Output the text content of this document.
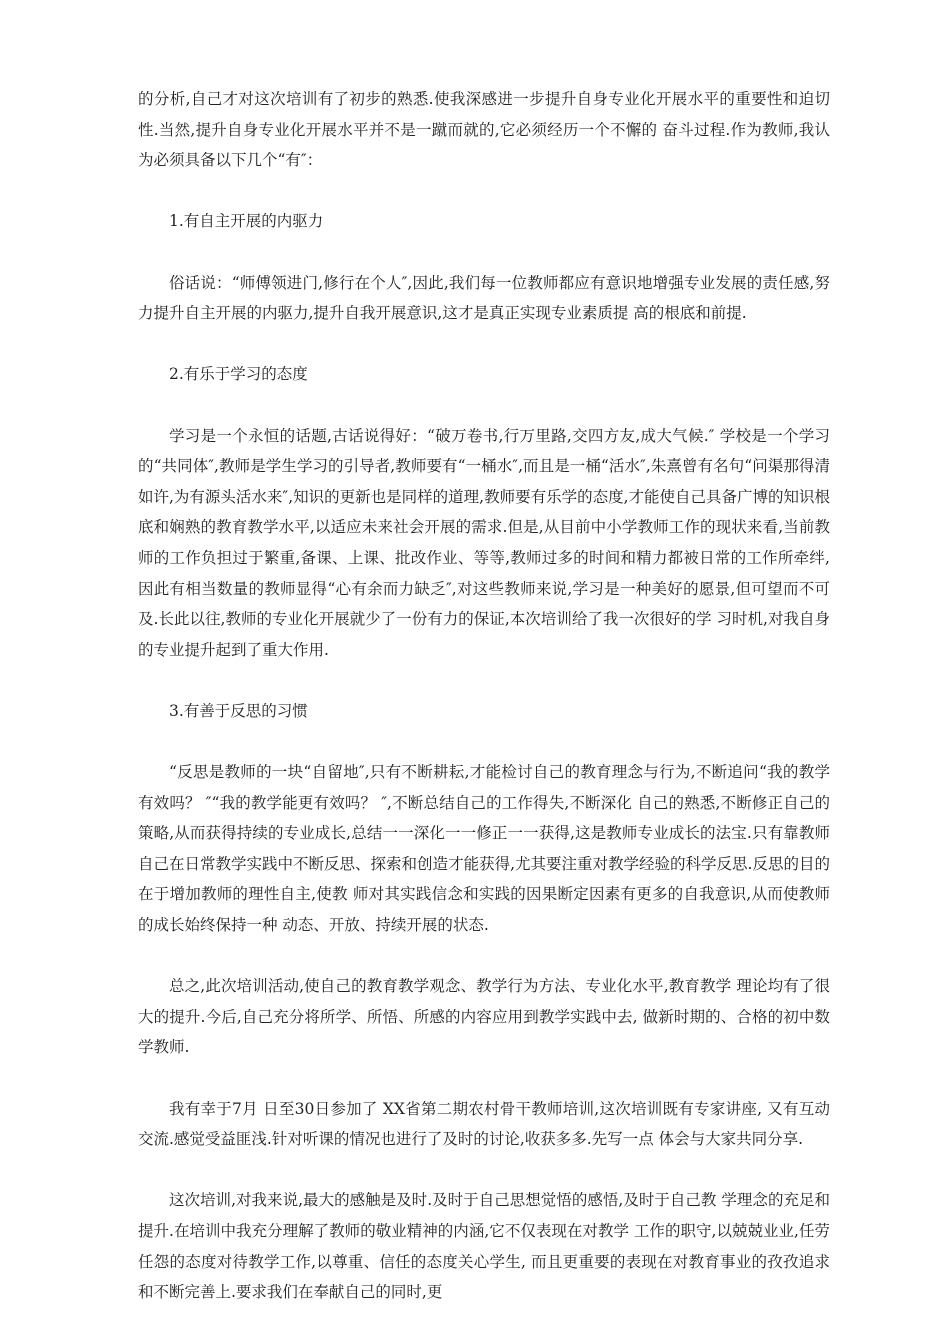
的分析,自己才对这次培训有了初步的熟悉.使我深感进一步提升自身专业化开展水平的重要性和迫切性.当然,提升自身专业化开展水平并不是一蹴而就的,它必须经历一个不懈的 奋斗过程.作为教师,我认为必须具备以下几个“有″：

1.有自主开展的内驱力

俗话说：“师傅领进门,修行在个人″,因此,我们每一位教师都应有意识地增强专业发展的责任感,努力提升自主开展的内驱力,提升自我开展意识,这才是真正实现专业素质提 高的根底和前提.

2.有乐于学习的态度

学习是一个永恒的话题,古话说得好：“破万卷书,行万里路,交四方友,成大气候.″ 学校是一个学习的“共同体″,教师是学生学习的引导者,教师要有“一桶水″,而且是一桶“活水″,朱熹曾有名句“问渠那得清如许,为有源头活水来″,知识的更新也是同样的道理,教师要有乐学的态度,才能使自己具备广博的知识根底和娴熟的教育教学水平,以适应未来社会开展的需求.但是,从目前中小学教师工作的现状来看,当前教师的工作负担过于繁重,备课、上课、批改作业、等等,教师过多的时间和精力都被日常的工作所牵绊,因此有相当数量的教师显得“心有余而力缺乏″,对这些教师来说,学习是一种美好的愿景,但可望而不可及.长此以往,教师的专业化开展就少了一份有力的保证,本次培训给了我一次很好的学 习时机,对我自身的专业提升起到了重大作用.

3.有善于反思的习惯

“反思是教师的一块“自留地″,只有不断耕耘,才能检讨自己的教育理念与行为,不断追问“我的教学有效吗？ ″“我的教学能更有效吗？ ″,不断总结自己的工作得失,不断深化 自己的熟悉,不断修正自己的策略,从而获得持续的专业成长,总结一一深化一一修正一一获得,这是教师专业成长的法宝.只有靠教师自己在日常教学实践中不断反思、探索和创造才能获得,尤其要注重对教学经验的科学反思.反思的目的在于增加教师的理性自主,使教 师对其实践信念和实践的因果断定因素有更多的自我意识,从而使教师的成长始终保持一种 动态、开放、持续开展的状态.

总之,此次培训活动,使自己的教育教学观念、教学行为方法、专业化水平,教育教学 理论均有了很大的提升.今后,自己充分将所学、所悟、所感的内容应用到教学实践中去, 做新时期的、合格的初中数学教师.

我有幸于7月 日至30日参加了 XX省第二期农村骨干教师培训,这次培训既有专家讲座, 又有互动交流.感觉受益匪浅.针对听课的情况也进行了及时的讨论,收获多多.先写一点 体会与大家共同分享.

这次培训,对我来说,最大的感触是及时.及时于自己思想觉悟的感悟,及时于自己教 学理念的充足和提升.在培训中我充分理解了教师的敬业精神的内涵,它不仅表现在对教学 工作的职守,以兢兢业业,任劳任怨的态度对待教学工作,以尊重、信任的态度关心学生, 而且更重要的表现在对教育事业的孜孜追求和不断完善上.要求我们在奉献自己的同时,更
